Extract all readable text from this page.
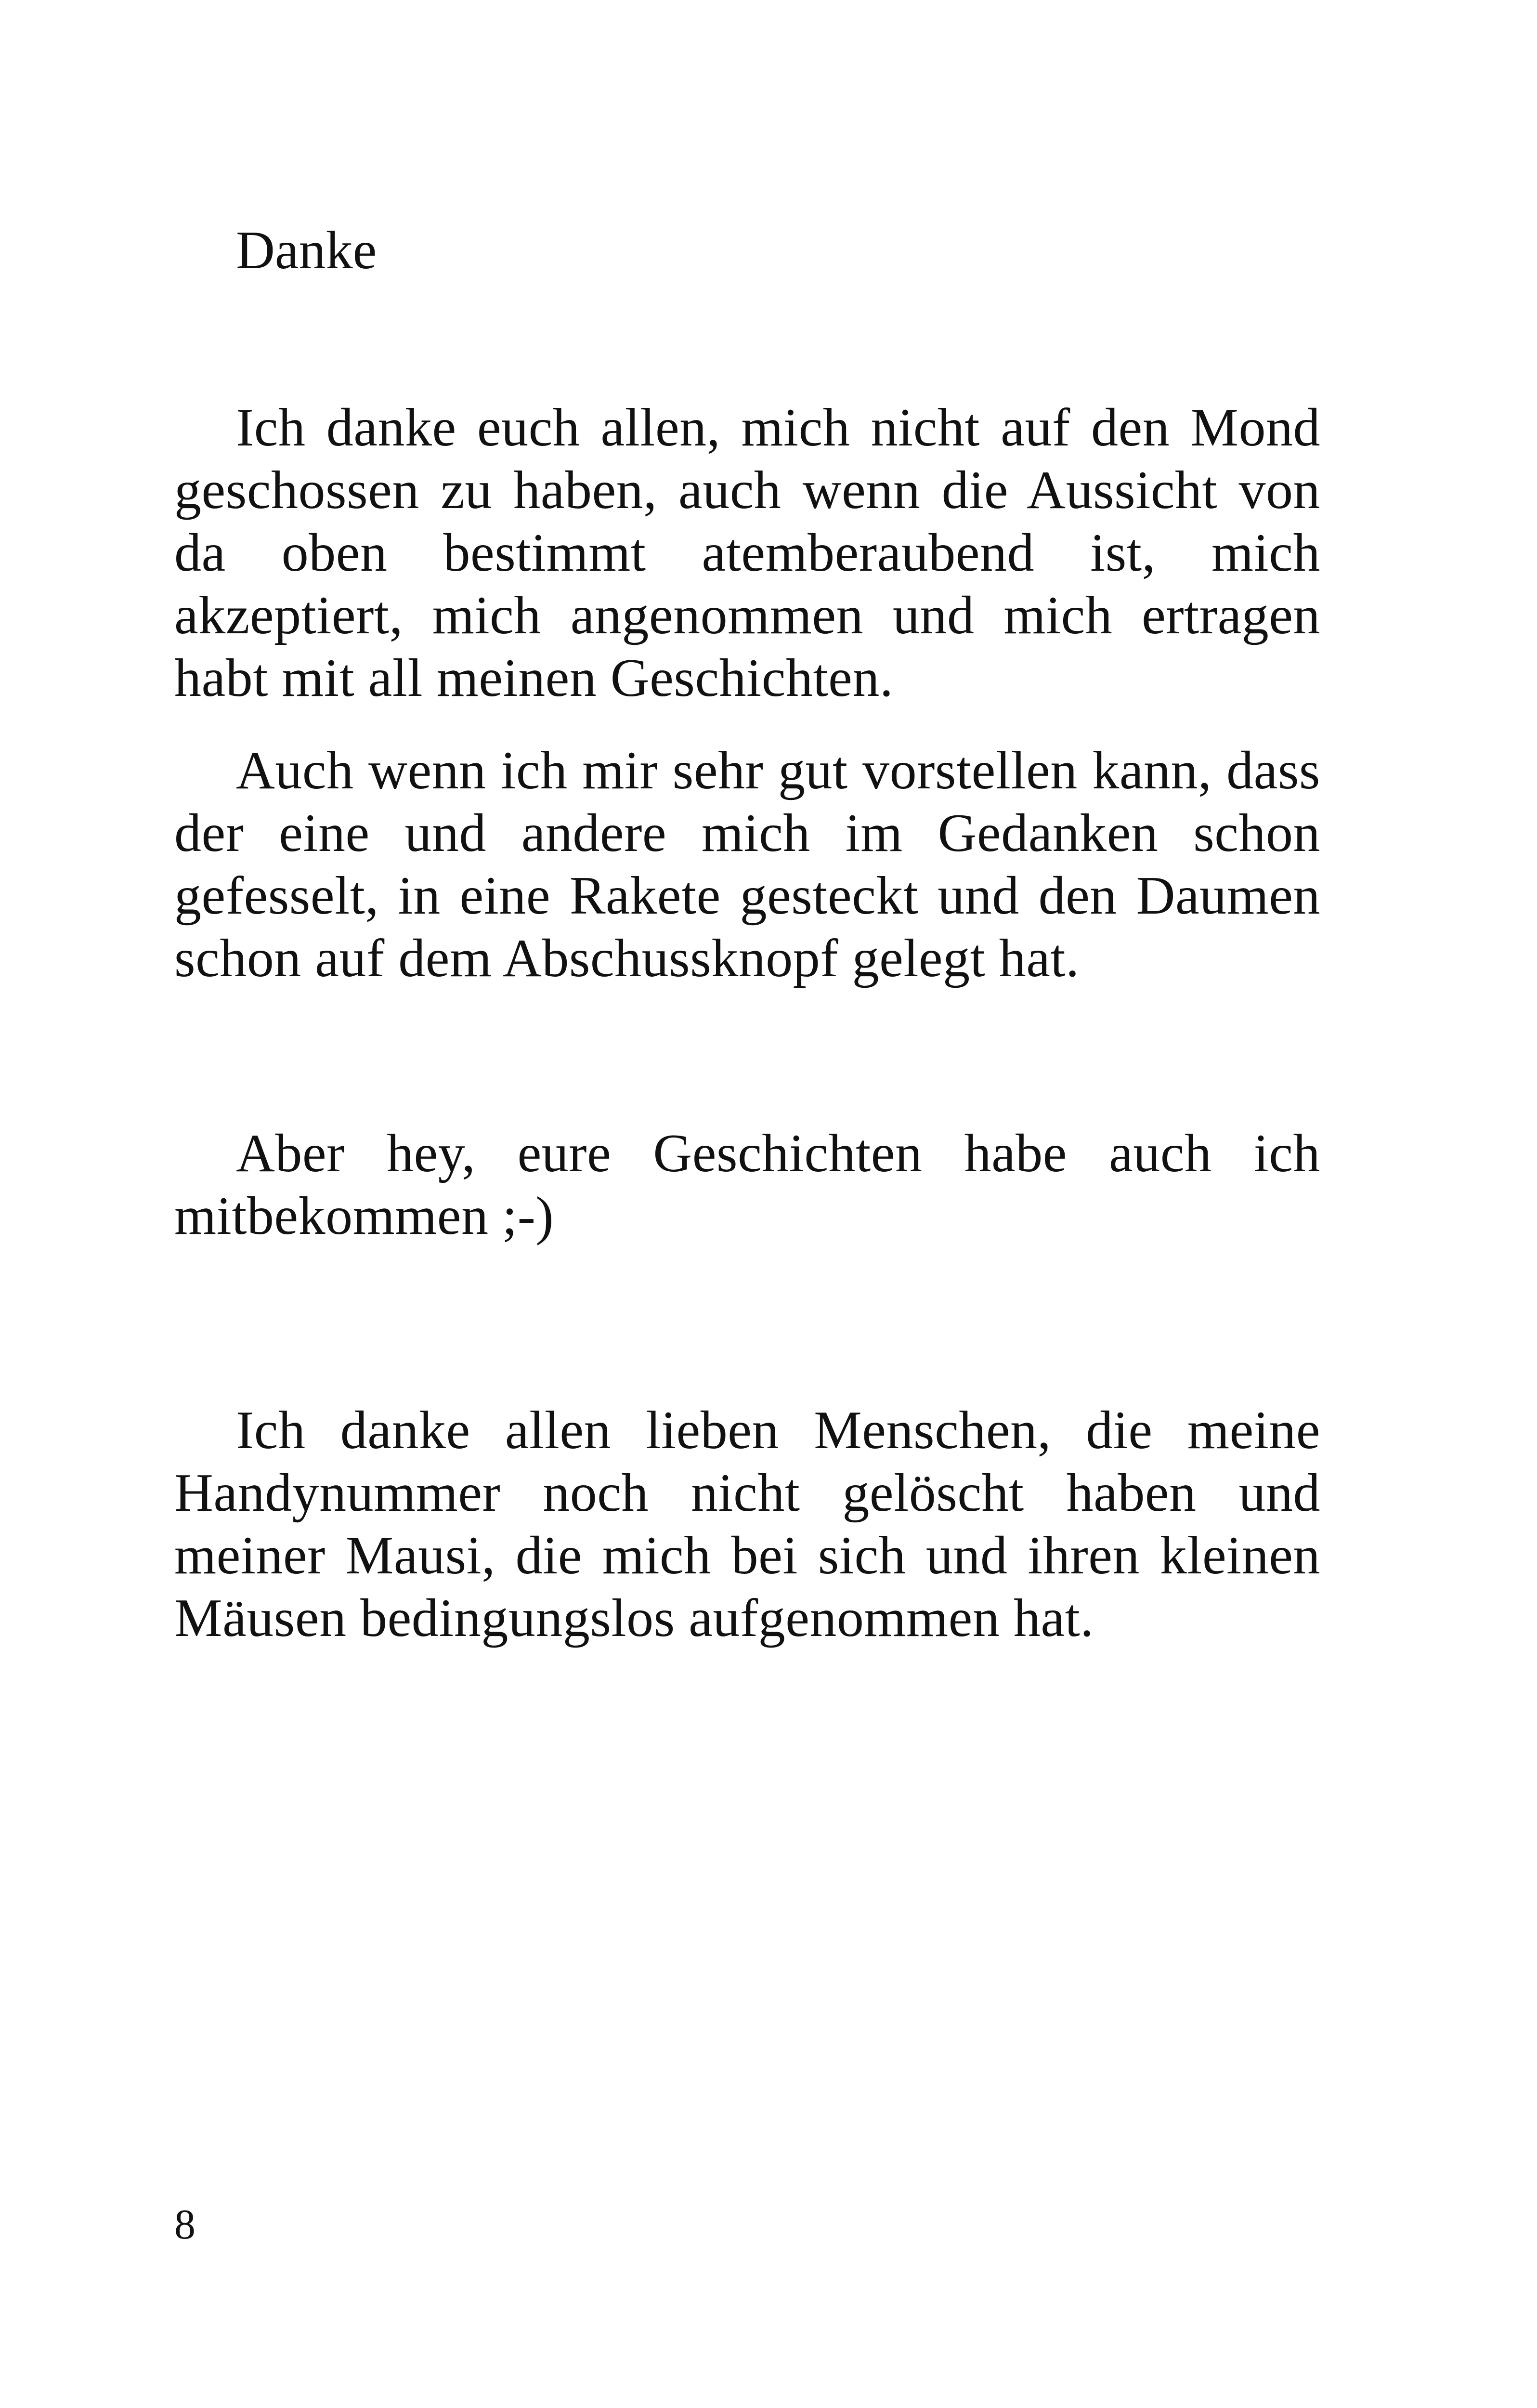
Danke

Ich danke euch allen, mich nicht auf den Mond geschossen zu haben, auch wenn die Aussicht von da oben bestimmt atemberaubend ist, mich akzeptiert, mich angenommen und mich ertragen habt mit all meinen Geschichten.

Auch wenn ich mir sehr gut vorstellen kann, dass der eine und andere mich im Gedanken schon gefesselt, in eine Rakete gesteckt und den Daumen schon auf dem Abschussknopf gelegt hat.

Aber hey, eure Geschichten habe auch ich mitbekommen ;-)

Ich danke allen lieben Menschen, die meine Handynummer noch nicht gelöscht haben und meiner Mausi, die mich bei sich und ihren kleinen Mäusen bedingungslos aufgenommen hat.

8
